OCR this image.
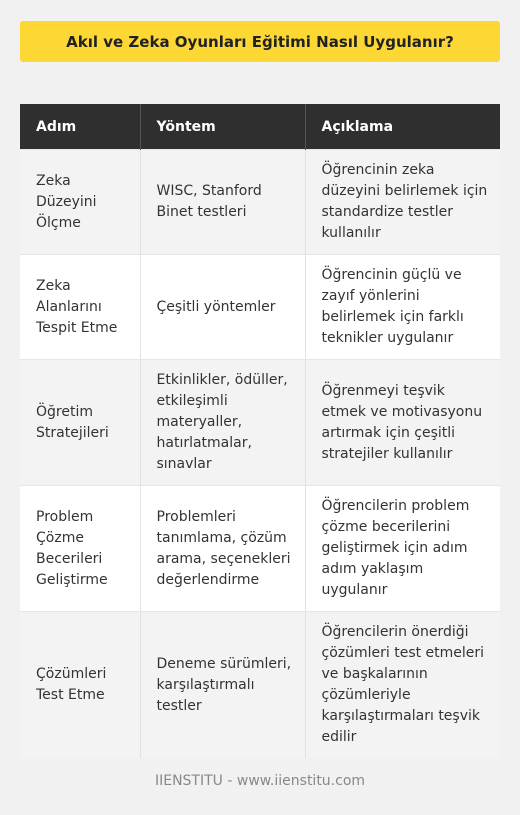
Akıl ve Zeka Oyunları Eğitimi Nasıl Uygulanır?
Adım	Yöntem	Açıklama
Zeka Düzeyini Ölçme	WISC, Stanford Binet testleri	Öğrencinin zeka düzeyini belirlemek için standardize testler kullanılır
Zeka Alanlarını Tespit Etme	Çeşitli yöntemler	Öğrencinin güçlü ve zayıf yönlerini belirlemek için farklı teknikler uygulanır
Öğretim Stratejileri	Etkinlikler, ödüller, etkileşimli materyaller, hatırlatmalar, sınavlar	Öğrenmeyi teşvik etmek ve motivasyonu artırmak için çeşitli stratejiler kullanılır
Problem Çözme Becerileri Geliştirme	Problemleri tanımlama, çözüm arama, seçenekleri değerlendirme	Öğrencilerin problem çözme becerilerini geliştirmek için adım adım yaklaşım uygulanır
Çözümleri Test Etme	Deneme sürümleri, karşılaştırmalı testler	Öğrencilerin önerdiği çözümleri test etmeleri ve başkalarının çözümleriyle karşılaştırmaları teşvik edilir
IIENSTITU - www.iienstitu.com
